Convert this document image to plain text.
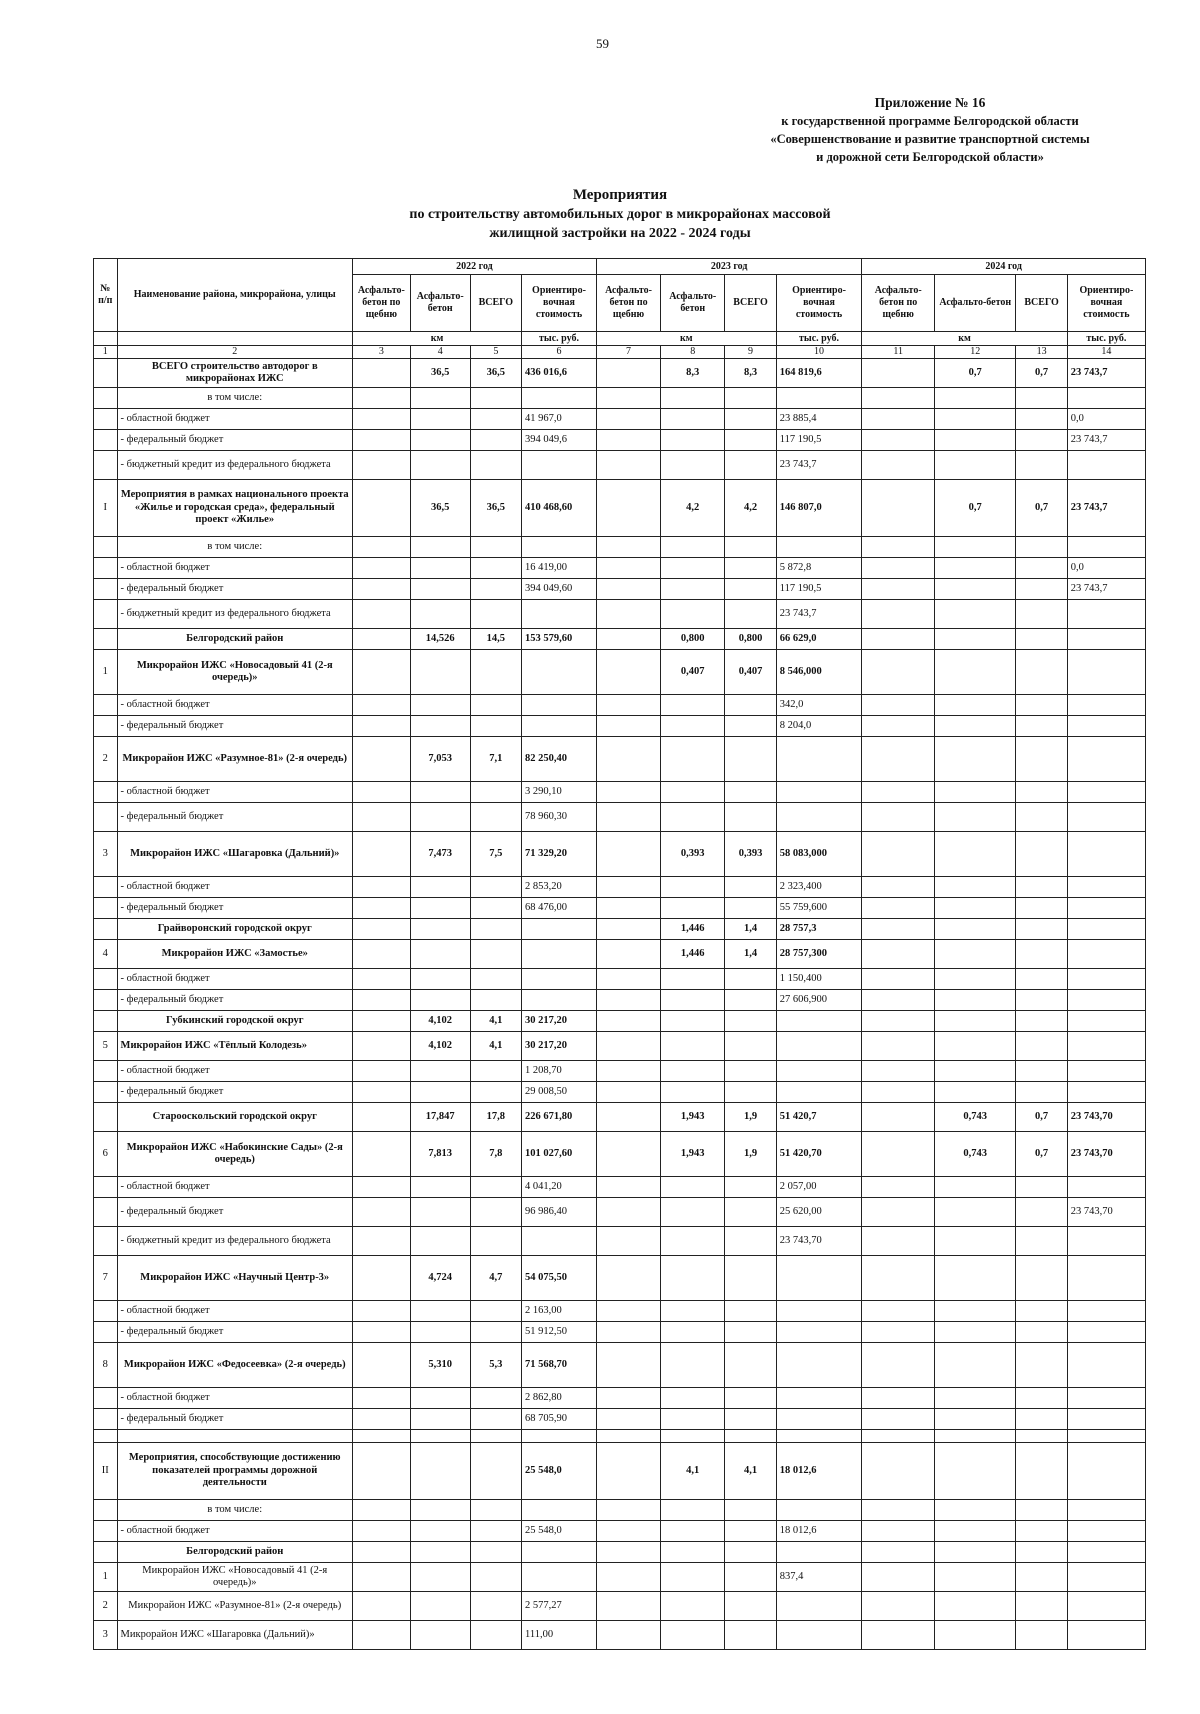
59
Приложение № 16
к государственной программе Белгородской области
«Совершенствование и развитие транспортной системы
и дорожной сети Белгородской области»
Мероприятия
по строительству автомобильных дорог в микрорайонах массовой
жилищной застройки на 2022 - 2024 годы
№ п/п	Наименование района, микрорайона, улицы	2022 год				2023 год				2024 год			
		Асфальто-бетон по щебню	Асфальто-бетон	ВСЕГО	Ориентиро-вочная стоимость	Асфальто-бетон по щебню	Асфальто-бетон	ВСЕГО	Ориентиро-вочная стоимость	Асфальто-бетон по щебню	Асфальто-бетон	ВСЕГО	Ориентиро-вочная стоимость
		км			тыс. руб.	км			тыс. руб.	км			тыс. руб.
1	2	3	4	5	6	7	8	9	10	11	12	13	14
	ВСЕГО строительство автодорог в микрорайонах ИЖС		36,5	36,5	436 016,6		8,3	8,3	164 819,6		0,7	0,7	23 743,7
	в том числе:												
	- областной бюджет				41 967,0				23 885,4				0,0
	- федеральный бюджет				394 049,6				117 190,5				23 743,7
	- бюджетный кредит из федерального бюджета								23 743,7				
I	Мероприятия в рамках национального проекта «Жилье и городская среда», федеральный проект «Жилье»		36,5	36,5	410 468,60		4,2	4,2	146 807,0		0,7	0,7	23 743,7
	в том числе:												
	- областной бюджет				16 419,00				5 872,8				0,0
	- федеральный бюджет				394 049,60				117 190,5				23 743,7
	- бюджетный кредит из федерального бюджета								23 743,7				
	Белгородский район		14,526	14,5	153 579,60		0,800	0,800	66 629,0				
1	Микрорайон ИЖС «Новосадовый 41 (2-я очередь)»						0,407	0,407	8 546,000				
	- областной бюджет								342,0				
	- федеральный бюджет								8 204,0				
2	Микрорайон ИЖС «Разумное-81» (2-я очередь)		7,053	7,1	82 250,40								
	- областной бюджет				3 290,10								
	- федеральный бюджет				78 960,30								
3	Микрорайон ИЖС «Шагаровка (Дальний)»		7,473	7,5	71 329,20		0,393	0,393	58 083,000				
	- областной бюджет				2 853,20				2 323,400				
	- федеральный бюджет				68 476,00				55 759,600				
	Грайворонский городской округ						1,446	1,4	28 757,3				
4	Микрорайон ИЖС «Замостье»						1,446	1,4	28 757,300				
	- областной бюджет								1 150,400				
	- федеральный бюджет								27 606,900				
	Губкинский городской округ		4,102	4,1	30 217,20								
5	Микрорайон ИЖС «Тёплый Колодезь»		4,102	4,1	30 217,20								
	- областной бюджет				1 208,70								
	- федеральный бюджет				29 008,50								
	Старооскольский городской округ		17,847	17,8	226 671,80		1,943	1,9	51 420,7		0,743	0,7	23 743,70
6	Микрорайон ИЖС «Набокинские Сады» (2-я очередь)		7,813	7,8	101 027,60		1,943	1,9	51 420,70		0,743	0,7	23 743,70
	- областной бюджет				4 041,20				2 057,00				
	- федеральный бюджет				96 986,40				25 620,00				23 743,70
	- бюджетный кредит из федерального бюджета								23 743,70				
7	Микрорайон ИЖС «Научный Центр-3»		4,724	4,7	54 075,50								
	- областной бюджет				2 163,00								
	- федеральный бюджет				51 912,50								
8	Микрорайон ИЖС «Федосеевка» (2-я очередь)		5,310	5,3	71 568,70								
	- областной бюджет				2 862,80								
	- федеральный бюджет				68 705,90								

II	Мероприятия, способствующие достижению показателей программы дорожной деятельности				25 548,0		4,1	4,1	18 012,6				
	в том числе:												
	- областной бюджет				25 548,0				18 012,6				
	Белгородский район												
1	Микрорайон ИЖС «Новосадовый 41 (2-я очередь)»								837,4				
2	Микрорайон ИЖС «Разумное-81» (2-я очередь)				2 577,27								
3	Микрорайон ИЖС «Шагаровка (Дальний)»				111,00								
